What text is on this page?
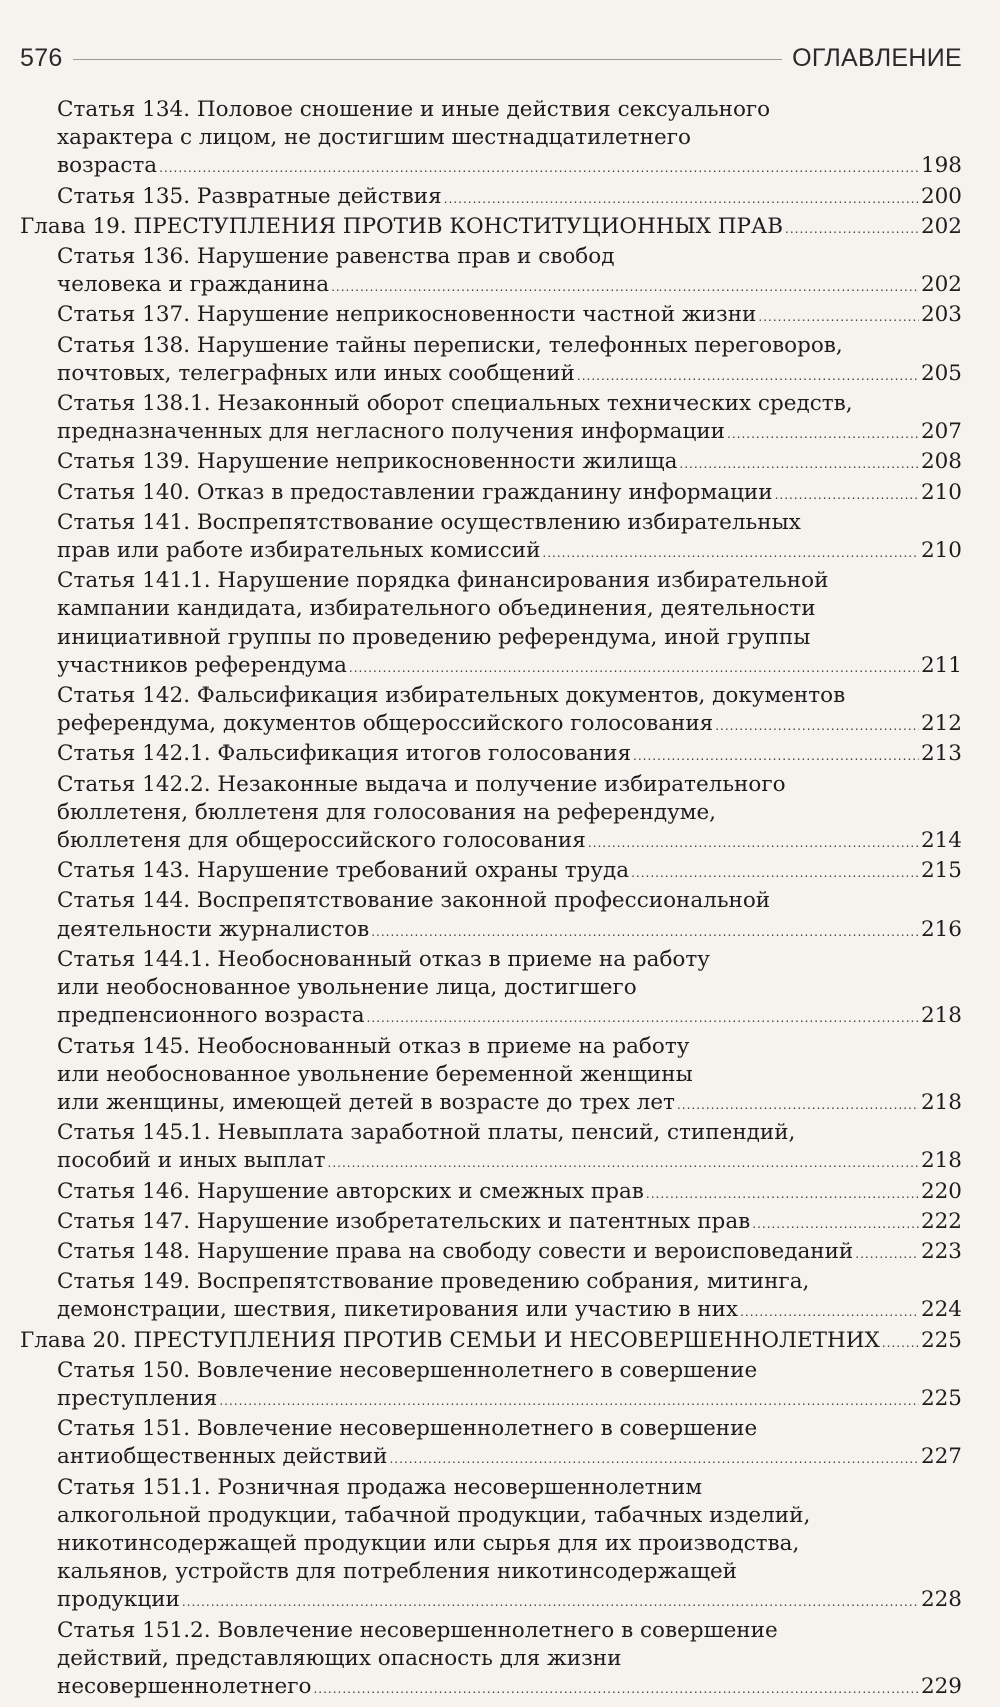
576	ОГЛАВЛЕНИЕ
Статья 134. Половое сношение и иные действия сексуального
характера с лицом, не достигшим шестнадцатилетнего
возраста .....	198
Статья 135. Развратные действия .....	200
Глава 19. ПРЕСТУПЛЕНИЯ ПРОТИВ КОНСТИТУЦИОННЫХ ПРАВ .....	202
Статья 136. Нарушение равенства прав и свобод
человека и гражданина .....	202
Статья 137. Нарушение неприкосновенности частной жизни .....	203
Статья 138. Нарушение тайны переписки, телефонных переговоров,
почтовых, телеграфных или иных сообщений .....	205
Статья 138.1. Незаконный оборот специальных технических средств,
предназначенных для негласного получения информации .....	207
Статья 139. Нарушение неприкосновенности жилища .....	208
Статья 140. Отказ в предоставлении гражданину информации .....	210
Статья 141. Воспрепятствование осуществлению избирательных
прав или работе избирательных комиссий .....	210
Статья 141.1. Нарушение порядка финансирования избирательной
кампании кандидата, избирательного объединения, деятельности
инициативной группы по проведению референдума, иной группы
участников референдума .....	211
Статья 142. Фальсификация избирательных документов, документов
референдума, документов общероссийского голосования .....	212
Статья 142.1. Фальсификация итогов голосования .....	213
Статья 142.2. Незаконные выдача и получение избирательного
бюллетеня, бюллетеня для голосования на референдуме,
бюллетеня для общероссийского голосования .....	214
Статья 143. Нарушение требований охраны труда .....	215
Статья 144. Воспрепятствование законной профессиональной
деятельности журналистов .....	216
Статья 144.1. Необоснованный отказ в приеме на работу
или необоснованное увольнение лица, достигшего
предпенсионного возраста .....	218
Статья 145. Необоснованный отказ в приеме на работу
или необоснованное увольнение беременной женщины
или женщины, имеющей детей в возрасте до трех лет .....	218
Статья 145.1. Невыплата заработной платы, пенсий, стипендий,
пособий и иных выплат .....	218
Статья 146. Нарушение авторских и смежных прав .....	220
Статья 147. Нарушение изобретательских и патентных прав .....	222
Статья 148. Нарушение права на свободу совести и вероисповеданий .....	223
Статья 149. Воспрепятствование проведению собрания, митинга,
демонстрации, шествия, пикетирования или участию в них .....	224
Глава 20. ПРЕСТУПЛЕНИЯ ПРОТИВ СЕМЬИ И НЕСОВЕРШЕННОЛЕТНИХ ..... 225
Статья 150. Вовлечение несовершеннолетнего в совершение
преступления .....	225
Статья 151. Вовлечение несовершеннолетнего в совершение
антиобщественных действий .....	227
Статья 151.1. Розничная продажа несовершеннолетним
алкогольной продукции, табачной продукции, табачных изделий,
никотинсодержащей продукции или сырья для их производства,
кальянов, устройств для потребления никотинсодержащей
продукции .....	228
Статья 151.2. Вовлечение несовершеннолетнего в совершение
действий, представляющих опасность для жизни
несовершеннолетнего .....	229
